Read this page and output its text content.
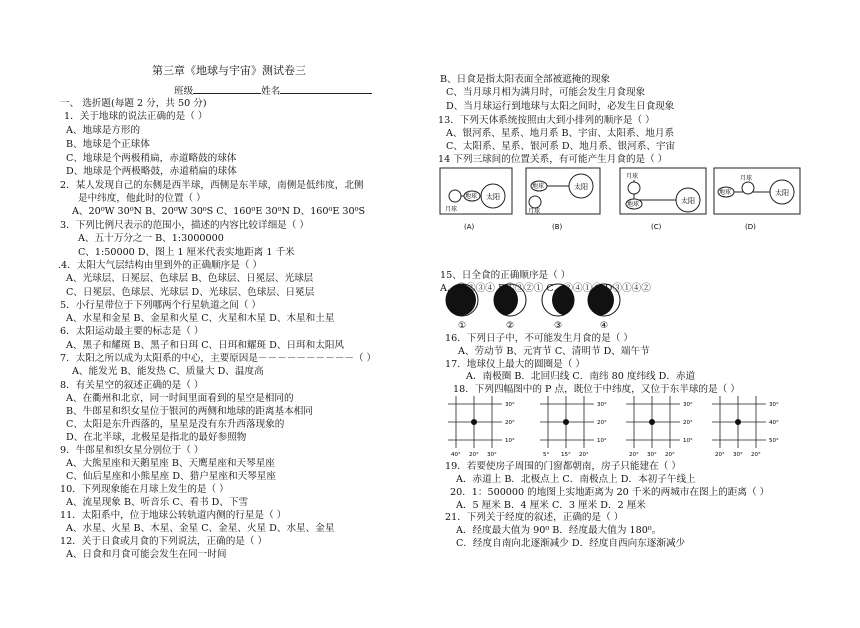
第三章《地球与宇宙》测试卷三
班级	姓名
地球
月球
太阳
(A)
地球	太阳
月球
(B)
月球
地球	太阳
(C)
地球
月球
太阳
(D)
①	②	③	④
30°
20°
10°
40° 20° 30°
30°
20°
10°
5° 15° 20°
30°
20°
10°
20° 30° 20°
30°
40°
50°
20° 30° 20°
一、 选折题(每题 2 分，共 50 分)
1．关于地球的说法正确的是（ ）
A、地球是方形的
B、地球是个正球体
C、地球是个两极稍扁，赤道略鼓的球体
D、地球是个两极略鼓，赤道稍扁的球体
2．某人发现自己的东侧是西半球，西侧是东半球，南侧是低纬度，北侧
是中纬度，他此时的位置（ ）
A、20⁰W 30⁰N B、20⁰W 30⁰S C、160⁰E 30⁰N D、160⁰E 30⁰S
3．下列比例尺表示的范围小，描述的内容比较详细是（ ）
A、五十万分之一 B、1:3000000
C、1:50000 D、图上 1 厘米代表实地距离 1 千米
.4．太阳大气层结构由里到外的正确顺序是（ ）
A、光球层、日冕层、色球层 B、色球层、日冕层、光球层
C、日冕层、色球层、光球层 D、光球层、色球层、日冕层
5．小行星带位于下列哪两个行星轨道之间（ ）
A、水星和金星 B、金星和火星 C、火星和木星 D、木星和土星
6．太阳运动最主要的标志是（ ）
A、黑子和耀斑 B、黑子和日珥 C、日珥和耀斑 D、日珥和太阳风
7．太阳之所以成为太阳系的中心，主要原因是－－－－－－－－－－（ ）
A、能发光 B、能发热 C、质量大 D、温度高
8．有关星空的叙述正确的是（ ）
A、在衢州和北京，同一时间里面看到的星空是相同的
B、牛郎星和织女星位于银河的两侧和地球的距离基本相同
C、太阳是东升西落的，星星是没有东升西落现象的
D、在北半球，北极星是指北的最好参照物
9．牛郎星和织女星分别位于（ ）
A、大熊星座和天鹅星座 B、天鹰星座和天琴星座
C、仙后星座和小熊星座 D、猎户星座和天琴星座
10．下列现象能在月球上发生的是（ ）
A、流星现象 B、听音乐 C、看书 D、下雪
11．太阳系中，位于地球公转轨道内侧的行星是（ ）
A、水星、火星 B、木星、金星 C、金星、火星 D、水星、金星
12．关于日食或月食的下列说法，正确的是（ ）
A、日食和月食可能会发生在同一时间
B、日食是指太阳表面全部被遮掩的现象
C、当月球月相为满月时，可能会发生月食现象
D、当月球运行到地球与太阳之间时，必发生日食现象
13．下列天体系统按照由大到小排列的顺序是（ ）
A、银河系、星系、地月系 B、宇宙、太阳系、地月系
C、太阳系、星系、银河系 D、地月系、银河系、宇宙
14 下列三球间的位置关系，有可能产生月食的是（ ）
15、日全食的正确顺序是（ ）
A．①②③④ B④③②① C．②④①③ D③①④②
16．下列日子中，不可能发生月食的是（ ）
A、劳动节 B、元宵节 C、清明节 D、端午节
17．地球仪上最大的圆圈是（ ）
A．南极圈 B．北回归线 C．南纬 80 度纬线 D．赤道
18．下列四幅图中的 P 点，既位于中纬度，又位于东半球的是（ ）
19．若要使房子周围的门窗都朝南，房子只能建在（ ）
A．赤道上 B．北极点上 C．南极点上 D．本初子午线上
20．1：500000 的地图上实地距离为 20 千米的两城市在图上的距离（ ）
A．5 厘米 B．4 厘米 C．3 厘米 D．2 厘米
21．下列关于经度的叙述，正确的是（ ）
A．经度最大值为 90⁰ B．经度最大值为 180⁰。
C．经度自南向北逐渐减少 D．经度自西向东逐渐减少
